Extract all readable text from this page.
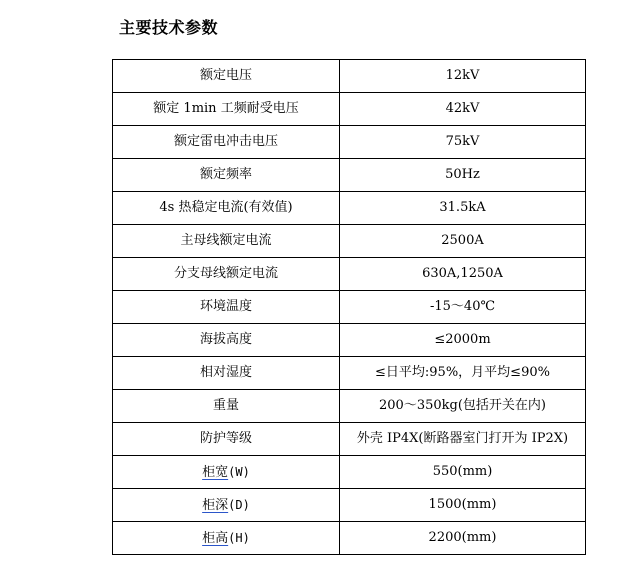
主要技术参数
额定电压	12kV
额定 1min 工频耐受电压	42kV
额定雷电冲击电压	75kV
额定频率	50Hz
4s 热稳定电流(有效值)	31.5kA
主母线额定电流	2500A
分支母线额定电流	630A,1250A
环境温度	-15～40℃
海拔高度	≤2000m
相对湿度	≤日平均:95%，月平均≤90%
重量	200～350kg(包括开关在内)
防护等级	外壳 IP4X(断路器室门打开为 IP2X)
柜宽(W)	550(mm)
柜深(D)	1500(mm)
柜高(H)	2200(mm)
